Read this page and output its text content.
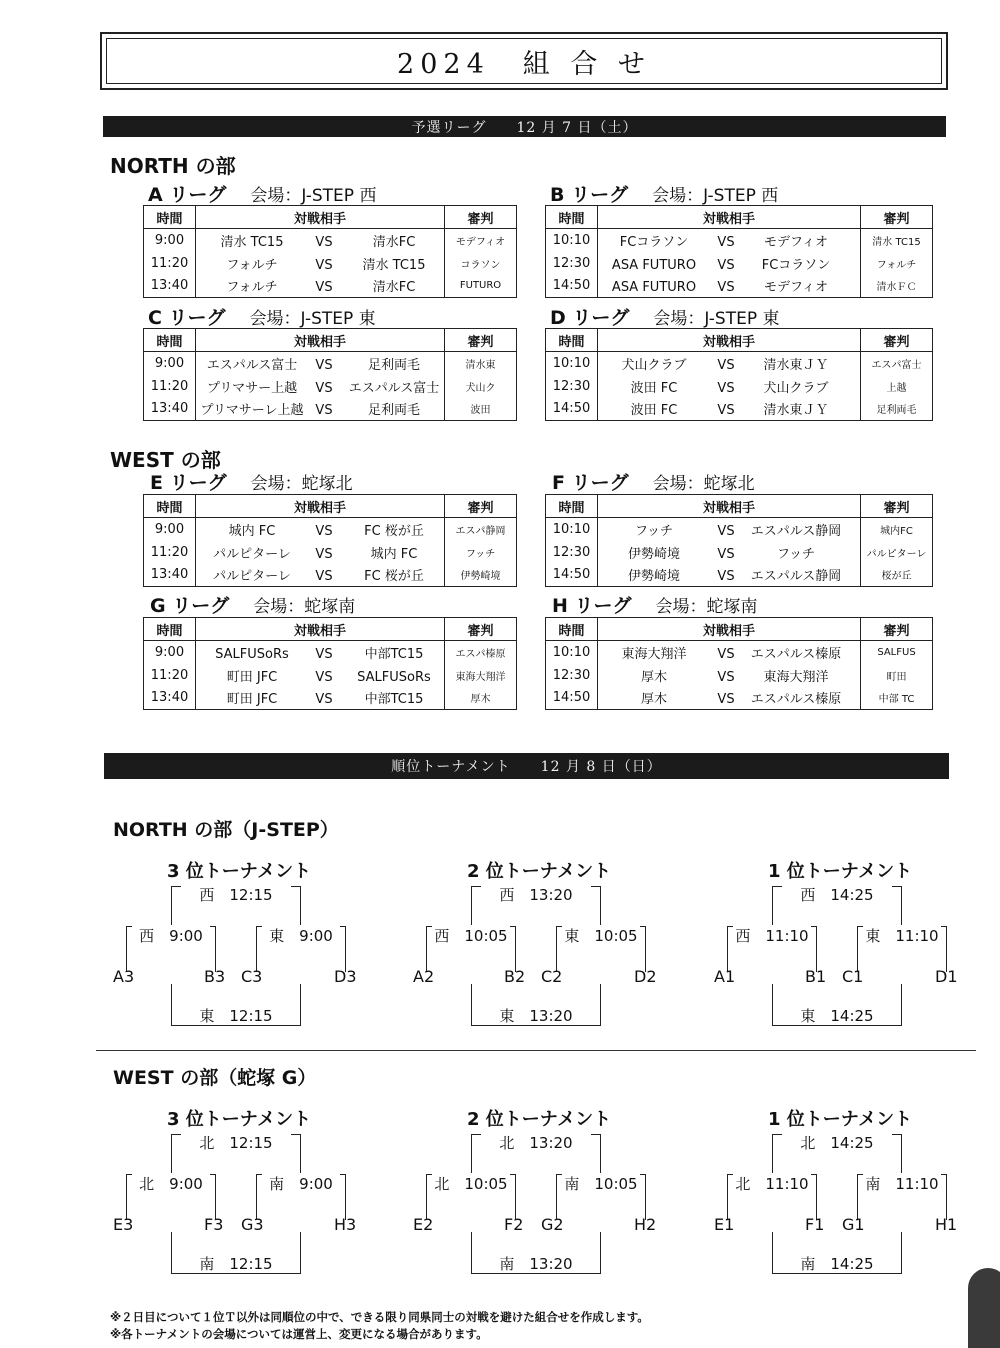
2024　組 合 せ
予選リーグ　　12 月 7 日（土）
NORTH の部
WEST の部
A リーグ 会場：J-STEP 西
時間	対戦相手	審判
9:00	清水 TC15 VS 清水FC	モデフィオ
11:20	フォルチ VS 清水 TC15	コラソン
13:40	フォルチ VS 清水FC	FUTURO
B リーグ 会場：J-STEP 西
時間	対戦相手	審判
10:10	FCコラソン VS モデフィオ	清水 TC15
12:30	ASA FUTURO VS FCコラソン	フォルチ
14:50	ASA FUTURO VS モデフィオ	清水ＦＣ
C リーグ 会場：J-STEP 東
時間	対戦相手	審判
9:00	エスパルス富士 VS 足利両毛	清水東
11:20	プリマサー上越 VS エスパルス富士	犬山ク
13:40	プリマサーレ上越 VS 足利両毛	波田
D リーグ 会場：J-STEP 東
時間	対戦相手	審判
10:10	犬山クラブ VS 清水東ＪＹ	エスパ富士
12:30	波田 FC VS 犬山クラブ	上越
14:50	波田 FC VS 清水東ＪＹ	足利両毛
E リーグ 会場：蛇塚北
時間	対戦相手	審判
9:00	城内 FC VS FC 桜が丘	エスパ静岡
11:20	パルピターレ VS 城内 FC	フッチ
13:40	パルピターレ VS FC 桜が丘	伊勢崎境
F リーグ 会場：蛇塚北
時間	対戦相手	審判
10:10	フッチ VS エスパルス静岡	城内FC
12:30	伊勢崎境 VS フッチ	パルピターレ
14:50	伊勢崎境 VS エスパルス静岡	桜が丘
G リーグ 会場：蛇塚南
時間	対戦相手	審判
9:00	SALFUSoRs VS 中部TC15	エスパ榛原
11:20	町田 JFC VS SALFUSoRs	東海大翔洋
13:40	町田 JFC VS 中部TC15	厚木
H リーグ 会場：蛇塚南
時間	対戦相手	審判
10:10	東海大翔洋 VS エスパルス榛原	SALFUS
12:30	厚木 VS 東海大翔洋	町田
14:50	厚木 VS エスパルス榛原	中部 TC
順位トーナメント　　12 月 8 日（日）
NORTH の部（J-STEP）
WEST の部（蛇塚 G）
3 位トーナメント
西　12:15
西　9:00	東　9:00
東　12:15
A3	B3 C3	D3
2 位トーナメント
西　13:20
西　10:05	東　10:05
東　13:20
A2	B2 C2	D2
1 位トーナメント
西　14:25
西　11:10	東　11:10
東　14:25
A1	B1 C1	D1
3 位トーナメント
北　12:15
北　9:00	南　9:00
南　12:15
E3	F3 G3	H3
2 位トーナメント
北　13:20
北　10:05	南　10:05
南　13:20
E2	F2 G2	H2
1 位トーナメント
北　14:25
北　11:10	南　11:10
南　14:25
E1	F1 G1	H1
※２日目について１位Ｔ以外は同順位の中で、できる限り同県同士の対戦を避けた組合せを作成します。
※各トーナメントの会場については運営上、変更になる場合があります。
